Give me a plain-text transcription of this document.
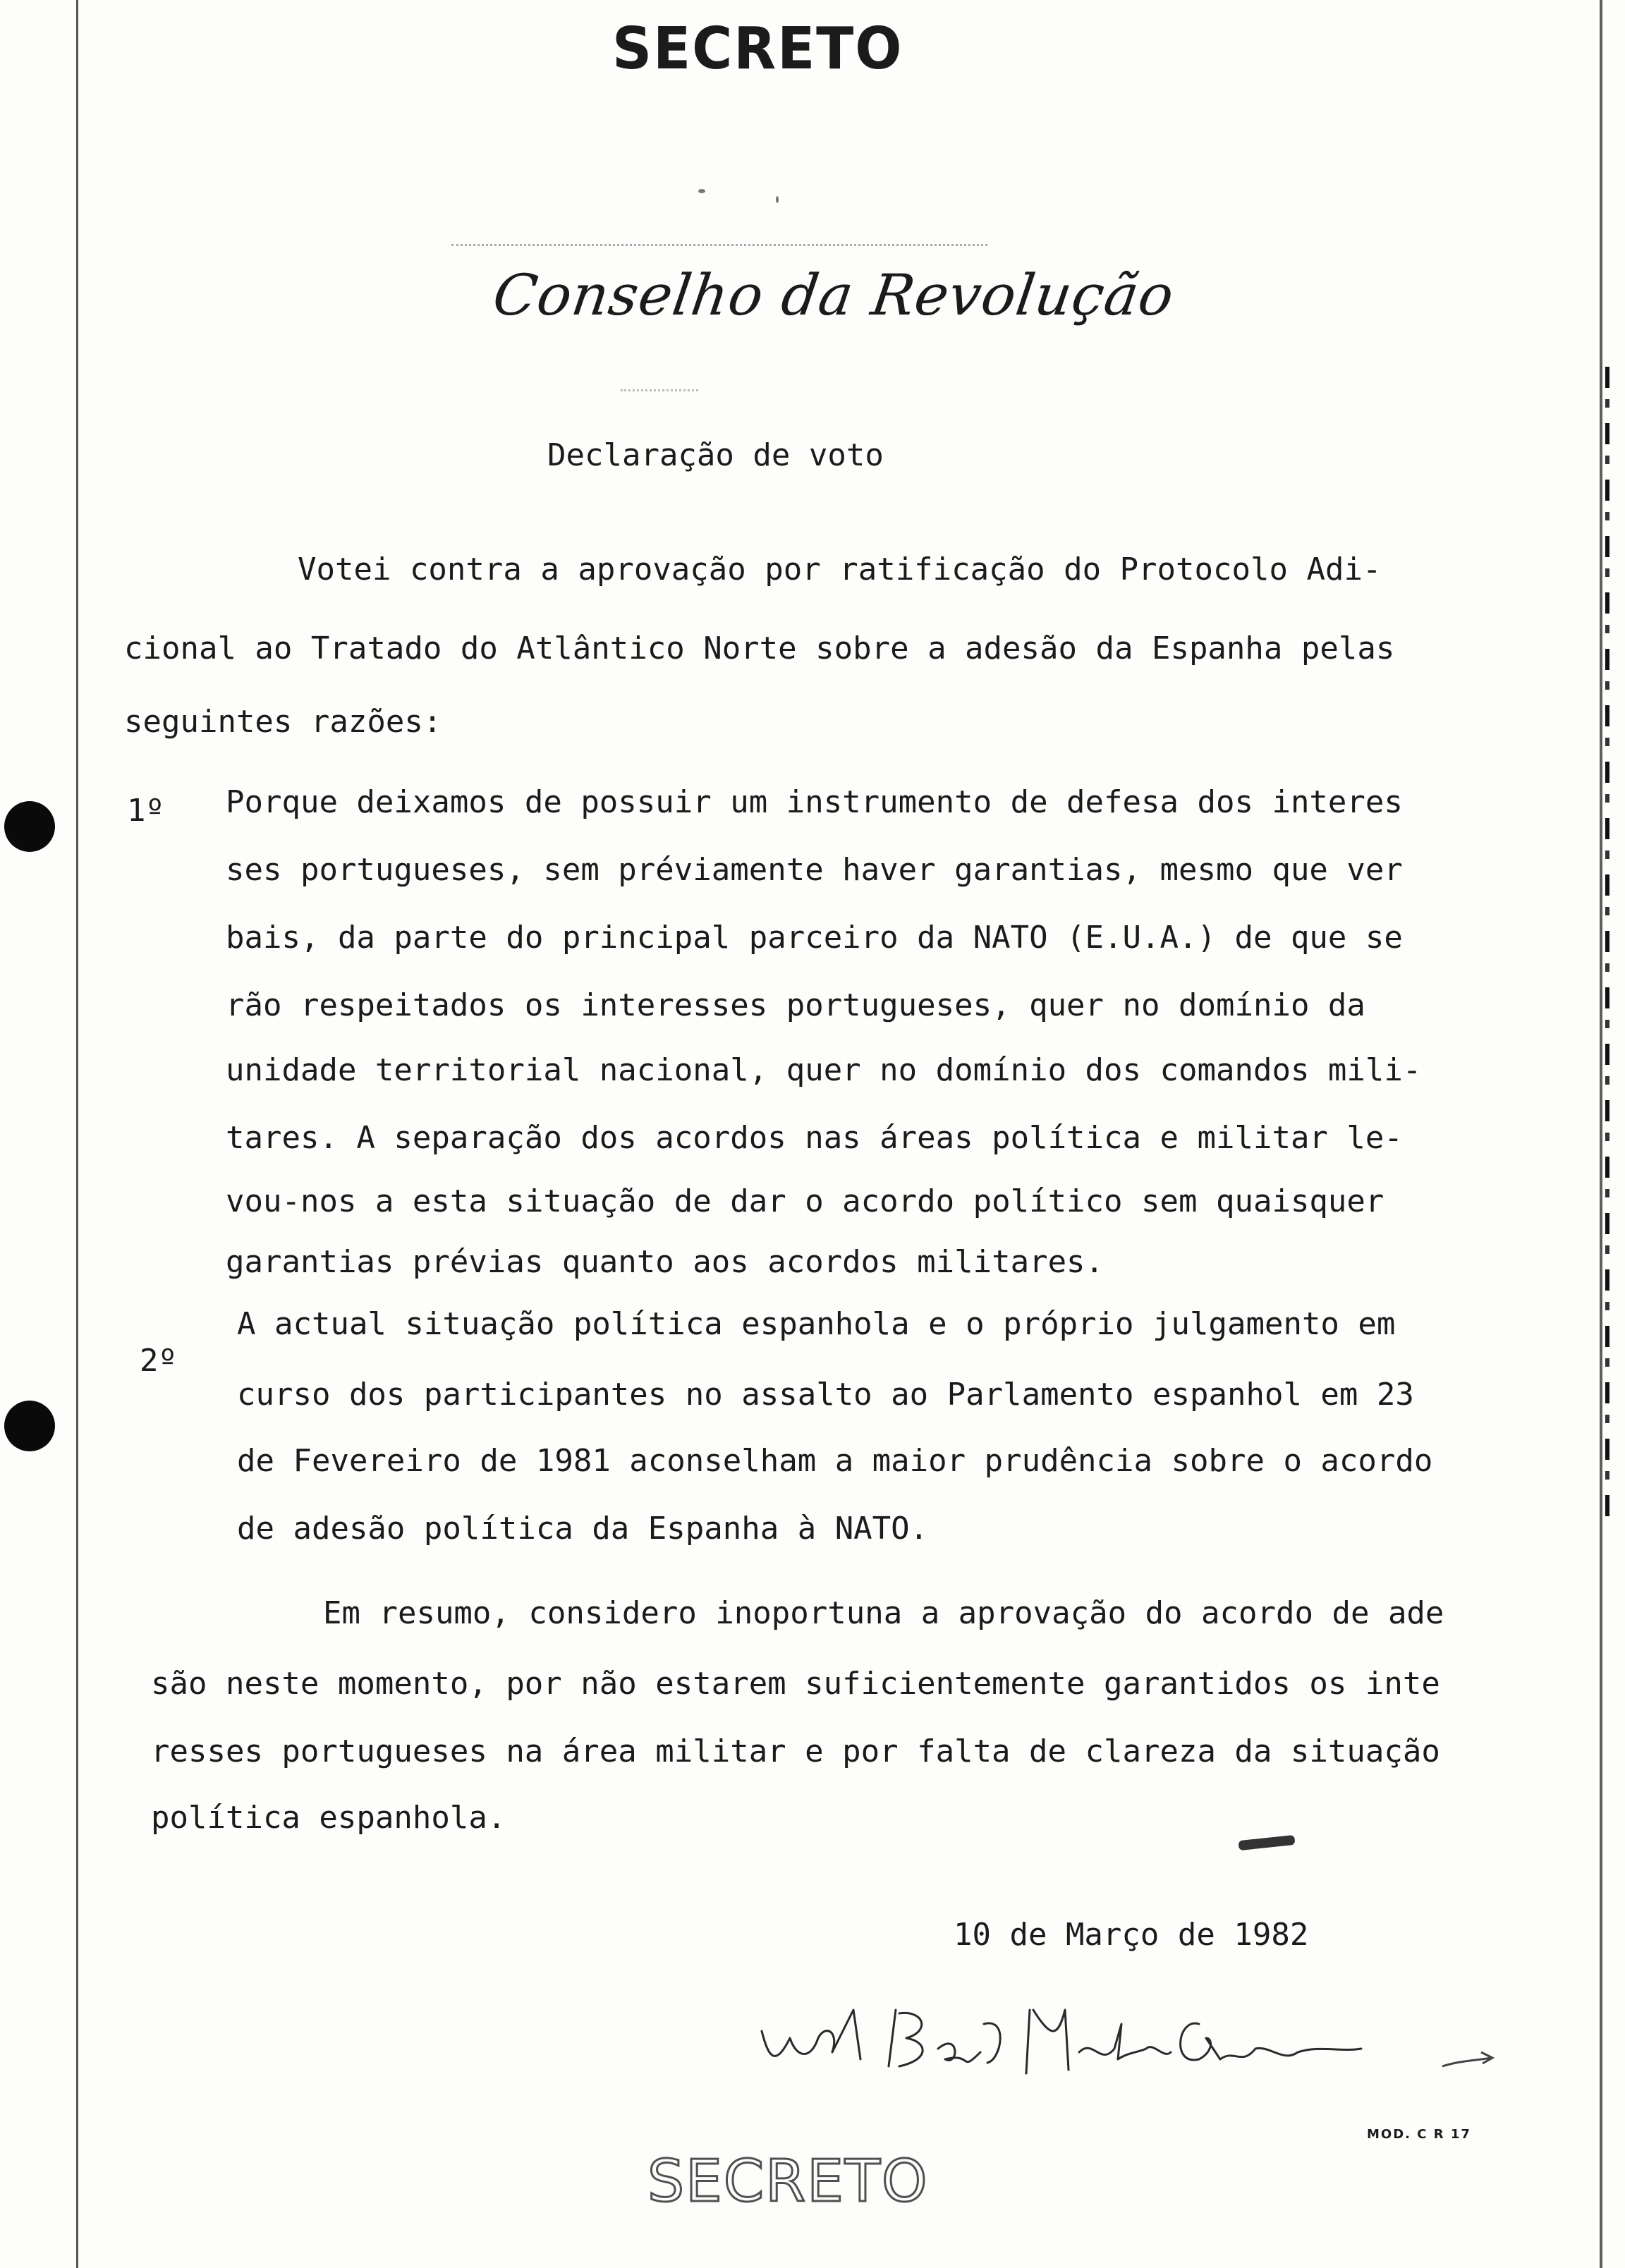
SECRETO
Conselho da Revolução
Declaração de voto
Votei contra a aprovação por ratificação do Protocolo Adi-
cional ao Tratado do Atlântico Norte sobre a adesão da Espanha pelas
seguintes razões:
1º Porque deixamos de possuir um instrumento de defesa dos interes
ses portugueses, sem préviamente haver garantias, mesmo que ver
bais, da parte do principal parceiro da NATO (E.U.A.) de que se
rão respeitados os interesses portugueses, quer no domínio da
unidade territorial nacional, quer no domínio dos comandos mili-
tares. A separação dos acordos nas áreas política e militar le-
vou-nos a esta situação de dar o acordo político sem quaisquer
garantias prévias quanto aos acordos militares.
2º
A actual situação política espanhola e o próprio julgamento em
curso dos participantes no assalto ao Parlamento espanhol em 23
de Fevereiro de 1981 aconselham a maior prudência sobre o acordo
de adesão política da Espanha à NATO.
Em resumo, considero inoportuna a aprovação do acordo de ade
são neste momento, por não estarem suficientemente garantidos os inte
resses portugueses na área militar e por falta de clareza da situação
política espanhola.
10 de Março de 1982
MOD. C R 17
SECRETO
